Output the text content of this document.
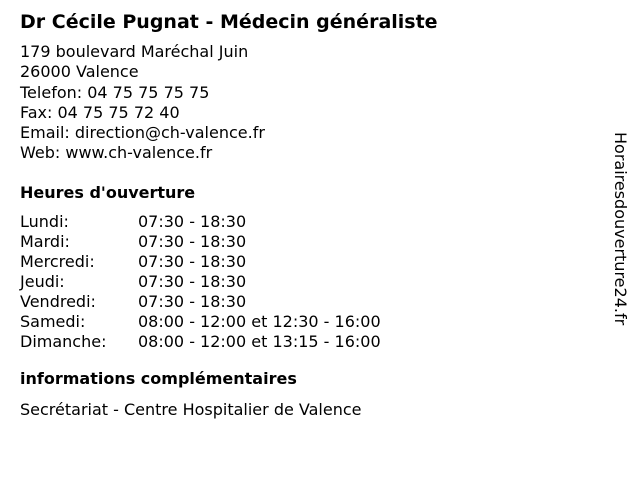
Dr Cécile Pugnat - Médecin généraliste
179 boulevard Maréchal Juin
26000 Valence
Telefon: 04 75 75 75 75
Fax: 04 75 75 72 40
Email: direction@ch-valence.fr
Web: www.ch-valence.fr
Heures d'ouverture
Lundi:	07:30 - 18:30
Mardi:	07:30 - 18:30
Mercredi:	07:30 - 18:30
Jeudi:	07:30 - 18:30
Vendredi:	07:30 - 18:30
Samedi:	08:00 - 12:00 et 12:30 - 16:00
Dimanche:	08:00 - 12:00 et 13:15 - 16:00
informations complémentaires
Secrétariat - Centre Hospitalier de Valence
Horairesdouverture24.fr
